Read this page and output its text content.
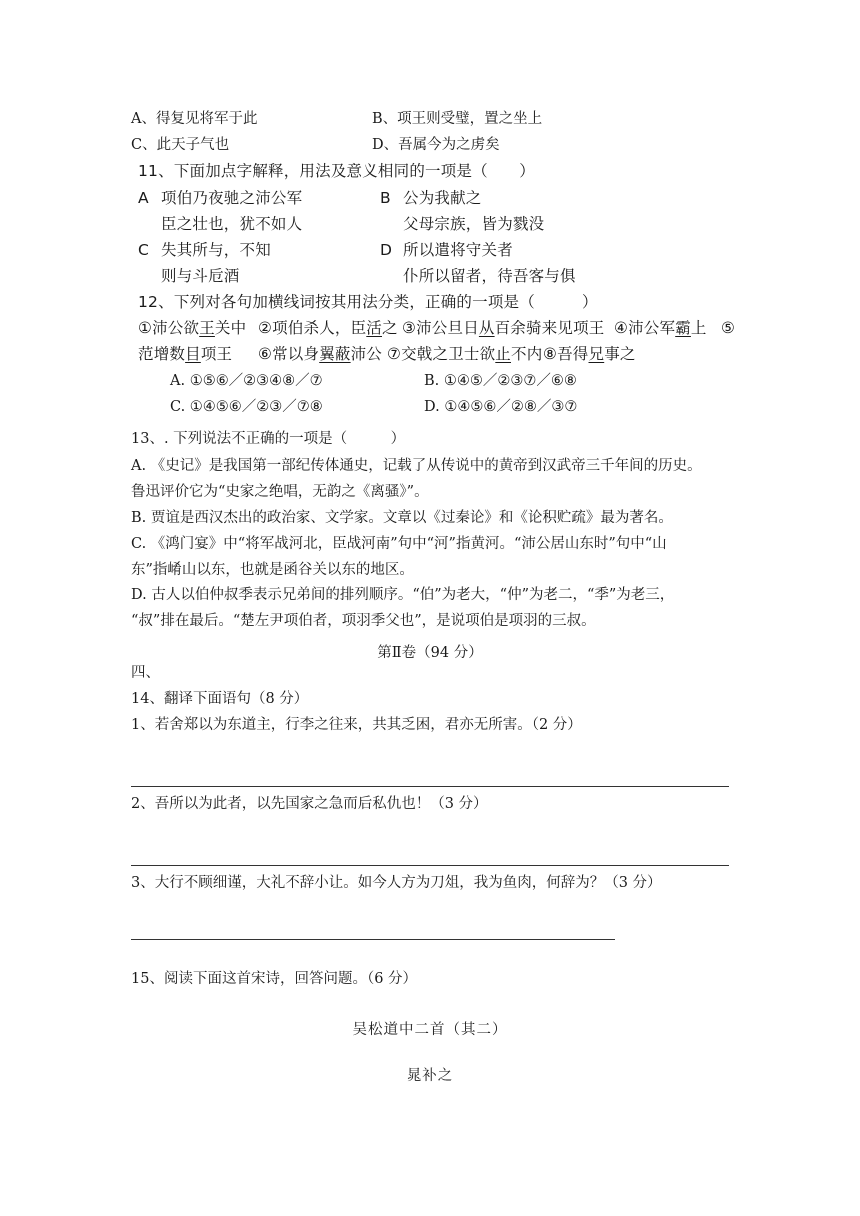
A、得复见将军于此	B、项王则受璧，置之坐上
C、此天子气也	D、吾属今为之虏矣
11、下面加点字解释，用法及意义相同的一项是（　　）
A 项伯乃夜驰之沛公军
臣之壮也，犹不如人
B 公为我献之
父母宗族，皆为戮没
C 失其所与，不知
则与斗卮酒
D 所以遣将守关者
仆所以留者，待吾客与俱
12、下列对各句加横线词按其用法分类，正确的一项是（　　　）
①沛公欲王关中 ②项伯杀人，臣活之 ③沛公旦日从百余骑来见项王 ④沛公军霸上 ⑤
范增数目项王 ⑥常以身翼蔽沛公 ⑦交戟之卫士欲止不内 ⑧吾得兄事之
A. ①⑤⑥／②③④⑧／⑦	B. ①④⑤／②③⑦／⑥⑧
C. ①④⑤⑥／②③／⑦⑧	D. ①④⑤⑥／②⑧／③⑦
13、. 下列说法不正确的一项是（　　　）
A. 《史记》是我国第一部纪传体通史，记载了从传说中的黄帝到汉武帝三千年间的历史。
鲁迅评价它为“史家之绝唱，无韵之《离骚》”。
B. 贾谊是西汉杰出的政治家、文学家。文章以《过秦论》和《论积贮疏》最为著名。
C. 《鸿门宴》中“将军战河北，臣战河南”句中“河”指黄河。“沛公居山东时”句中“山
东”指崤山以东，也就是函谷关以东的地区。
D. 古人以伯仲叔季表示兄弟间的排列顺序。“伯”为老大，“仲”为老二，“季”为老三，
“叔”排在最后。“楚左尹项伯者，项羽季父也”，是说项伯是项羽的三叔。
第Ⅱ卷（94 分）
四、
14、翻译下面语句（8 分）
1、若舍郑以为东道主，行李之往来，共其乏困，君亦无所害。（2 分）
2、吾所以为此者，以先国家之急而后私仇也！（3 分）
3、大行不顾细谨，大礼不辞小让。如今人方为刀俎，我为鱼肉，何辞为？（3 分）
15、阅读下面这首宋诗，回答问题。（6 分）
吴松道中二首（其二）
晁补之
